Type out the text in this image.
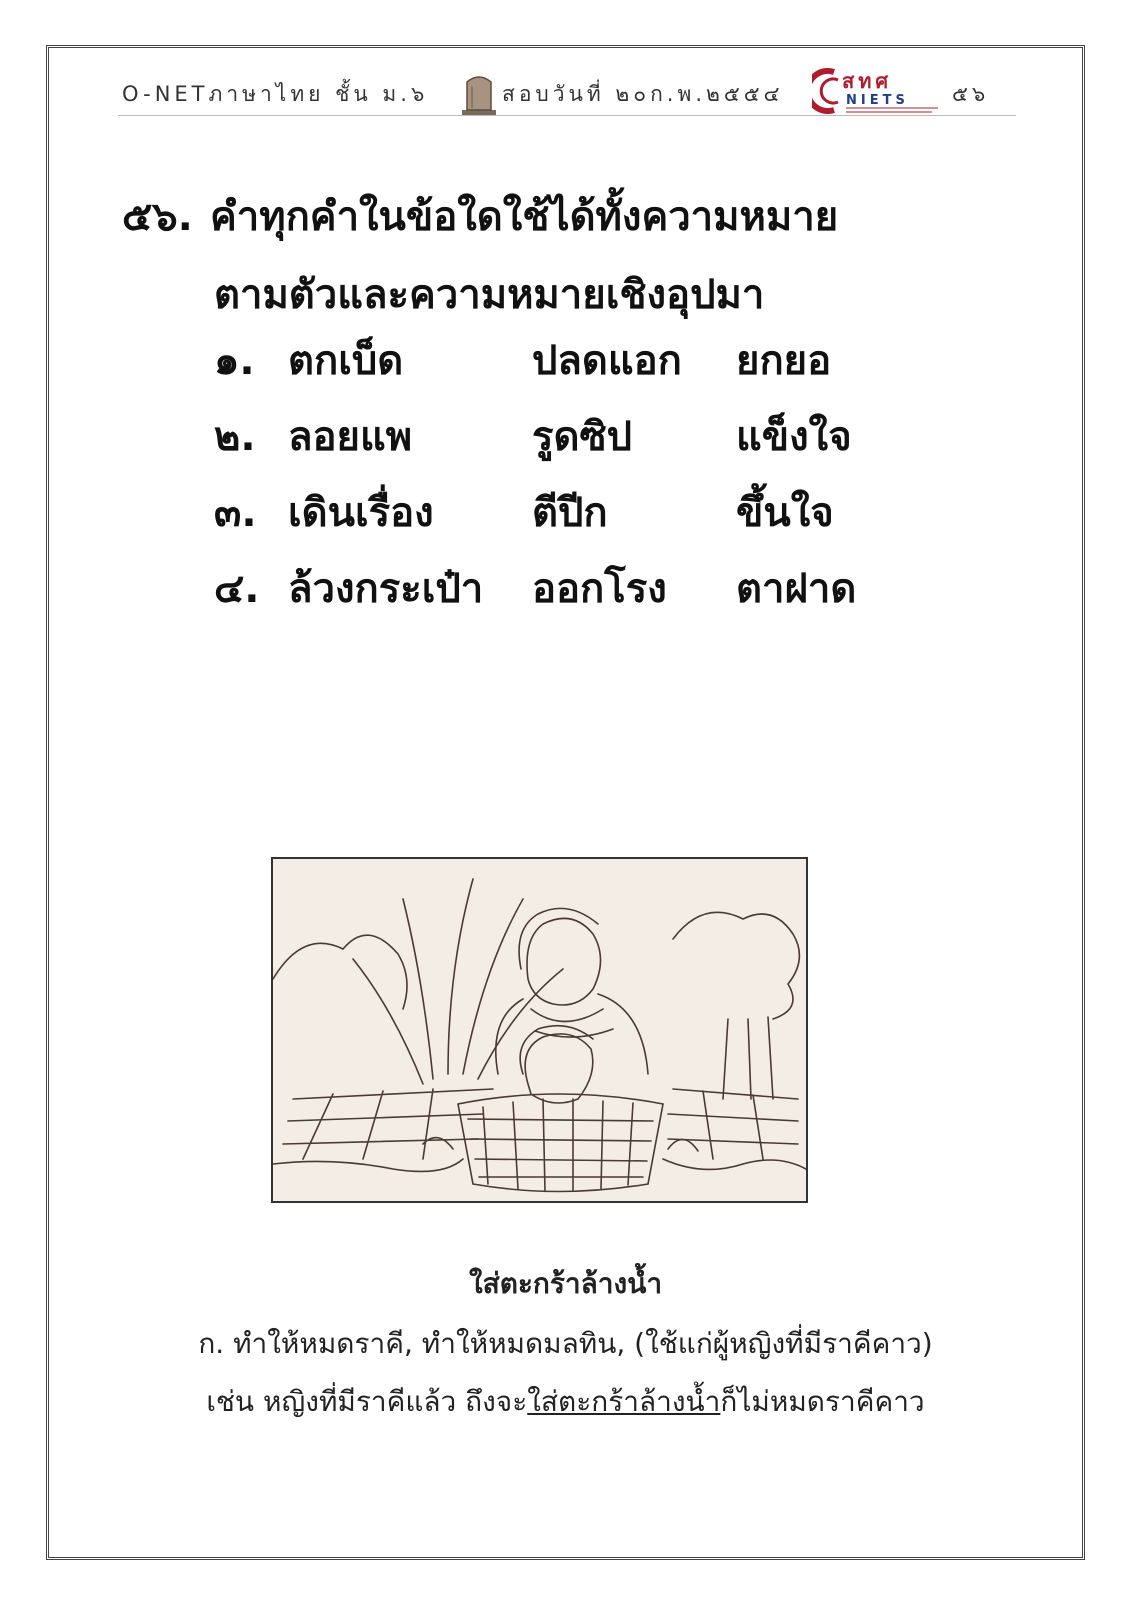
O-NETภาษาไทย ชั้น ม.๖	สอบวันที่ ๒๐ก.พ.๒๕๕๔
สทศ
NIETS ๕๖
๕๖. คำทุกคำในข้อใดใช้ได้ทั้งความหมาย
ตามตัวและความหมายเชิงอุปมา
๑. ตกเบ็ด	ปลดแอก ยกยอ
๒. ลอยแพ	รูดซิป	แข็งใจ
๓. เดินเรื่อง ตีปีก	ขึ้นใจ
๔. ล้วงกระเป๋า ออกโรง ตาฝาด
ใส่ตะกร้าล้างน้ำ
ก. ทำให้หมดราคี, ทำให้หมดมลทิน, (ใช้แก่ผู้หญิงที่มีราคีคาว)
เช่น หญิงที่มีราคีแล้ว ถึงจะใส่ตะกร้าล้างน้ำก็ไม่หมดราคีคาว
